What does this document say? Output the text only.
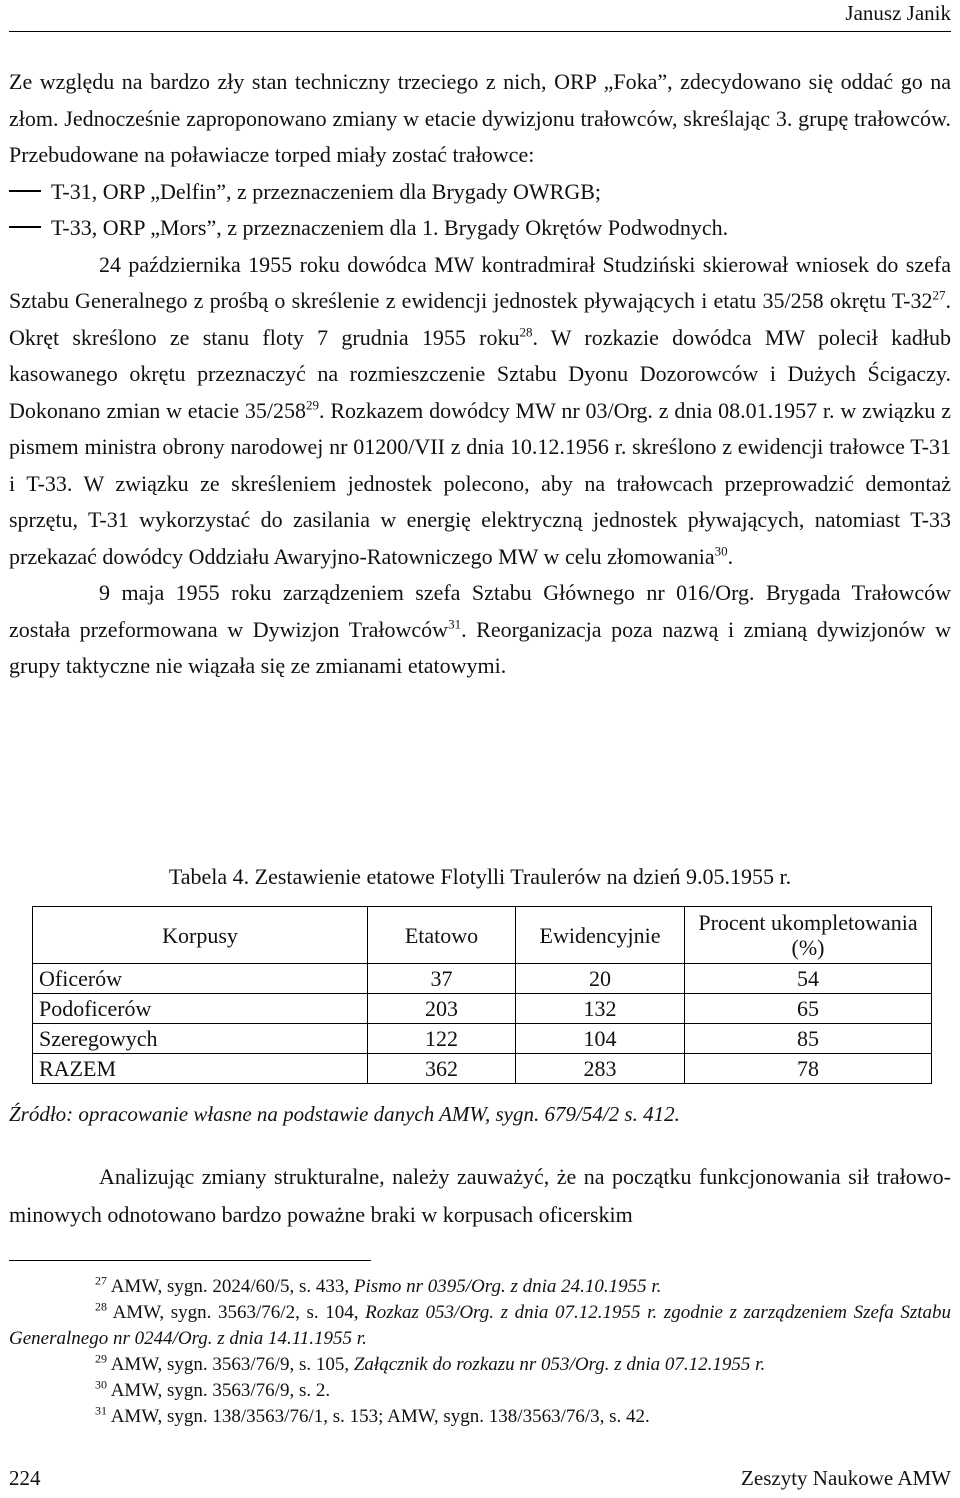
Janusz Janik

Ze względu na bardzo zły stan techniczny trzeciego z nich, ORP „Foka”, zdecydowano się oddać go na złom. Jednocześnie zaproponowano zmiany w etacie dywizjonu trałowców, skreślając 3. grupę trałowców. Przebudowane na poławiacze torped miały zostać trałowce:

T-31, ORP „Delfin”, z przeznaczeniem dla Brygady OWRGB;

T-33, ORP „Mors”, z przeznaczeniem dla 1. Brygady Okrętów Podwodnych.

24 października 1955 roku dowódca MW kontradmirał Studziński skierował wniosek do szefa Sztabu Generalnego z prośbą o skreślenie z ewidencji jednostek pływających i etatu 35/258 okrętu $T-32^{27}$. Okręt skreślono ze stanu floty 7 grudnia 1955 roku$^{28}$. W rozkazie dowódca MW polecił kadłub kasowanego okrętu przeznaczyć na rozmieszczenie Sztabu Dyonu Dozorowców i Dużych Ścigaczy. Dokonano zmian w etacie $35/258^{29}$. Rozkazem dowódcy MW nr 03/Org. z dnia 08.01.1957 r. w związku z pismem ministra obrony narodowej nr 01200/VII z dnia 10.12.1956 r. skreślono z ewidencji trałowce T-31 i T-33. W związku ze skreśleniem jednostek polecono, aby na trałowcach przeprowadzić demontaż sprzętu, T-31 wykorzystać do zasilania w energię elektryczną jednostek pływających, natomiast T-33 przekazać dowódcy Oddziału Awaryjno-Ratowniczego MW w celu złomowania$^{30}$.

9 maja 1955 roku zarządzeniem szefa Sztabu Głównego nr 016/Org. Brygada Trałowców została przeformowana w Dywizjon Trałowców$^{31}$. Reorganizacja poza nazwą i zmianą dywizjonów w grupy taktyczne nie wiązała się ze zmianami etatowymi.

Tabela 4. Zestawienie etatowe Flotylli Traulerów na dzień 9.05.1955 r.
Korpusy	Etatowo	Ewidencyjnie	Procent ukompletowania (%)
Oficerów	37	20	54
Podoficerów	203	132	65
Szeregowych	122	104	85
RAZEM	362	283	78
Źródło: opracowanie własne na podstawie danych AMW, sygn. 679/54/2 s. 412.

Analizując zmiany strukturalne, należy zauważyć, że na początku funkcjonowania sił trałowo-minowych odnotowano bardzo poważne braki w korpusach oficerskim

$^{27}$ AMW, sygn. 2024/60/5, s. 433, Pismo nr 0395/Org. z dnia 24.10.1955 r.

$^{28}$ AMW, sygn. 3563/76/2, s. 104, Rozkaz 053/Org. z dnia 07.12.1955 r. zgodnie z zarządzeniem Szefa Sztabu Generalnego nr 0244/Org. z dnia 14.11.1955 r.

$^{29}$ AMW, sygn. 3563/76/9, s. 105, Załącznik do rozkazu nr 053/Org. z dnia 07.12.1955 r.

$^{30}$ AMW, sygn. 3563/76/9, s. 2.

$^{31}$ AMW, sygn. 138/3563/76/1, s. 153; AMW, sygn. 138/3563/76/3, s. 42.

224	Zeszyty Naukowe AMW
